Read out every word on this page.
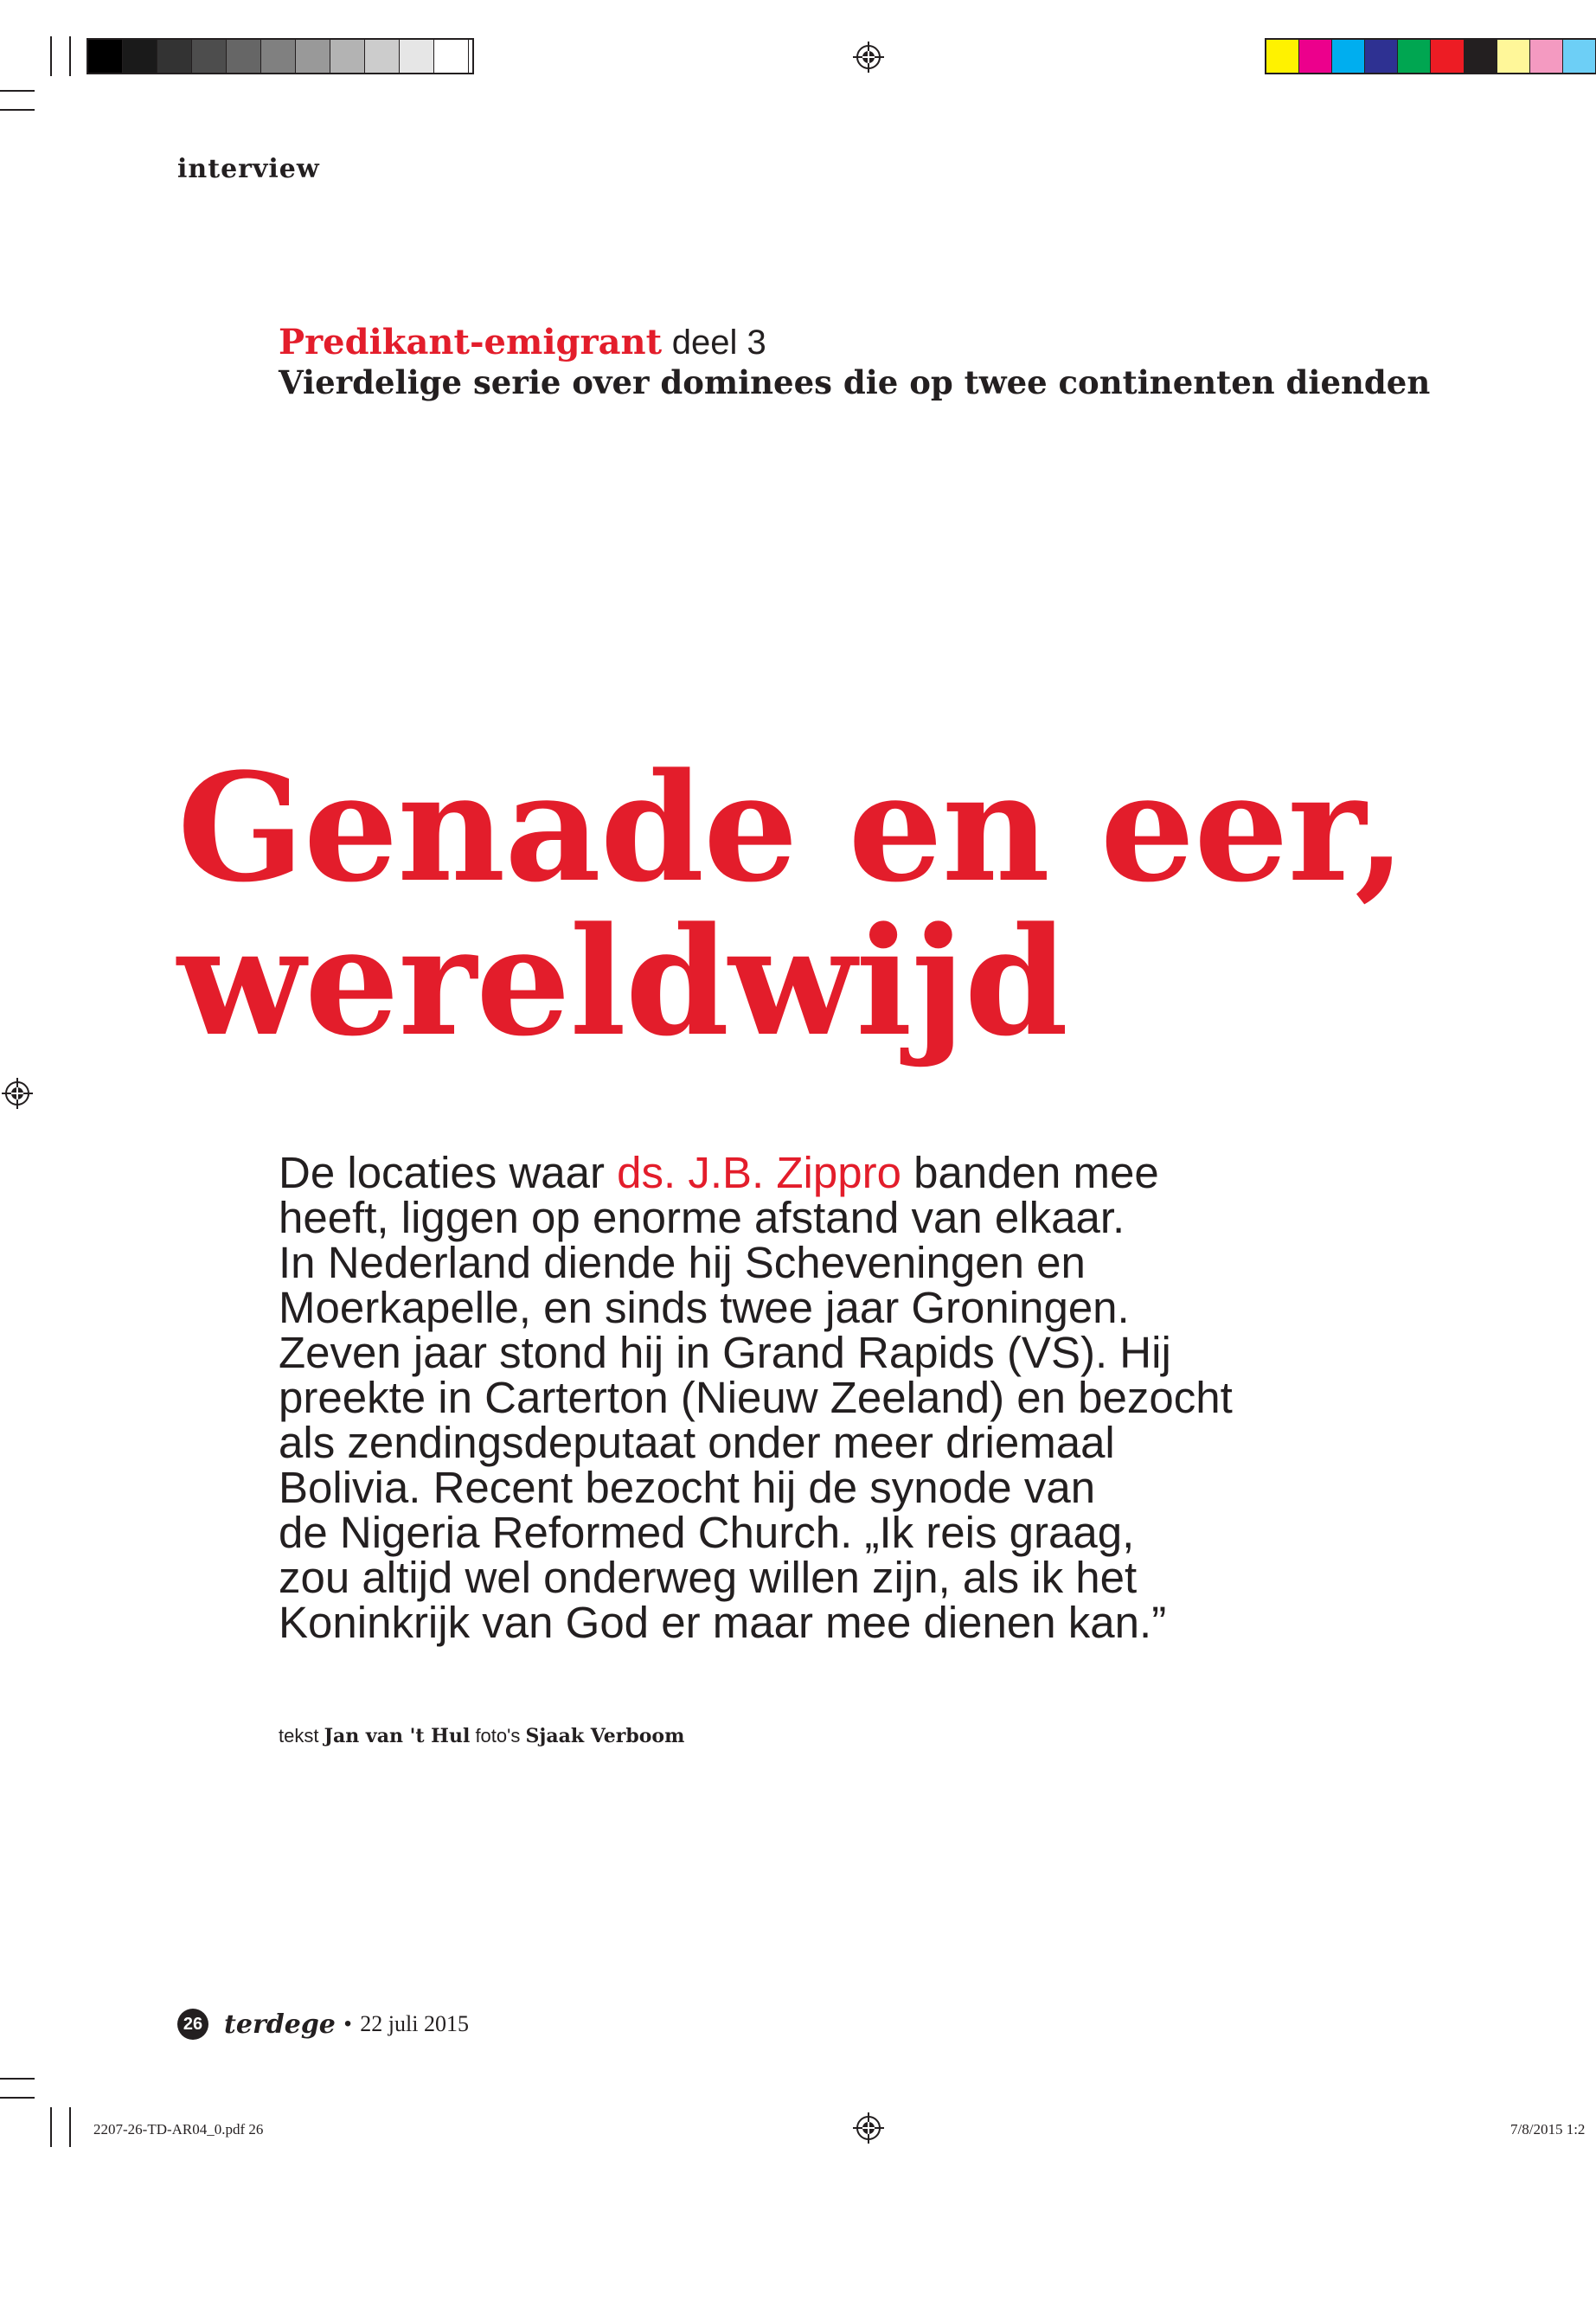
interview
Predikant-emigrant deel 3
Vierdelige serie over dominees die op twee continenten dienden
Genade en eer,
wereldwijd
De locaties waar ds. J.B. Zippro banden mee
heeft, liggen op enorme afstand van elkaar.
In Nederland diende hij Scheveningen en
Moerkapelle, en sinds twee jaar Groningen.
Zeven jaar stond hij in Grand Rapids (VS). Hij
preekte in Carterton (Nieuw Zeeland) en bezocht
als zendingsdeputaat onder meer driemaal
Bolivia. Recent bezocht hij de synode van
de Nigeria Reformed Church. „Ik reis graag,
zou altijd wel onderweg willen zijn, als ik het
Koninkrijk van God er maar mee dienen kan.”
tekst Jan van 't Hul foto's Sjaak Verboom
26 terdege • 22 juli 2015
2207-26-TD-AR04_0.pdf 26	7/8/2015 1:2
